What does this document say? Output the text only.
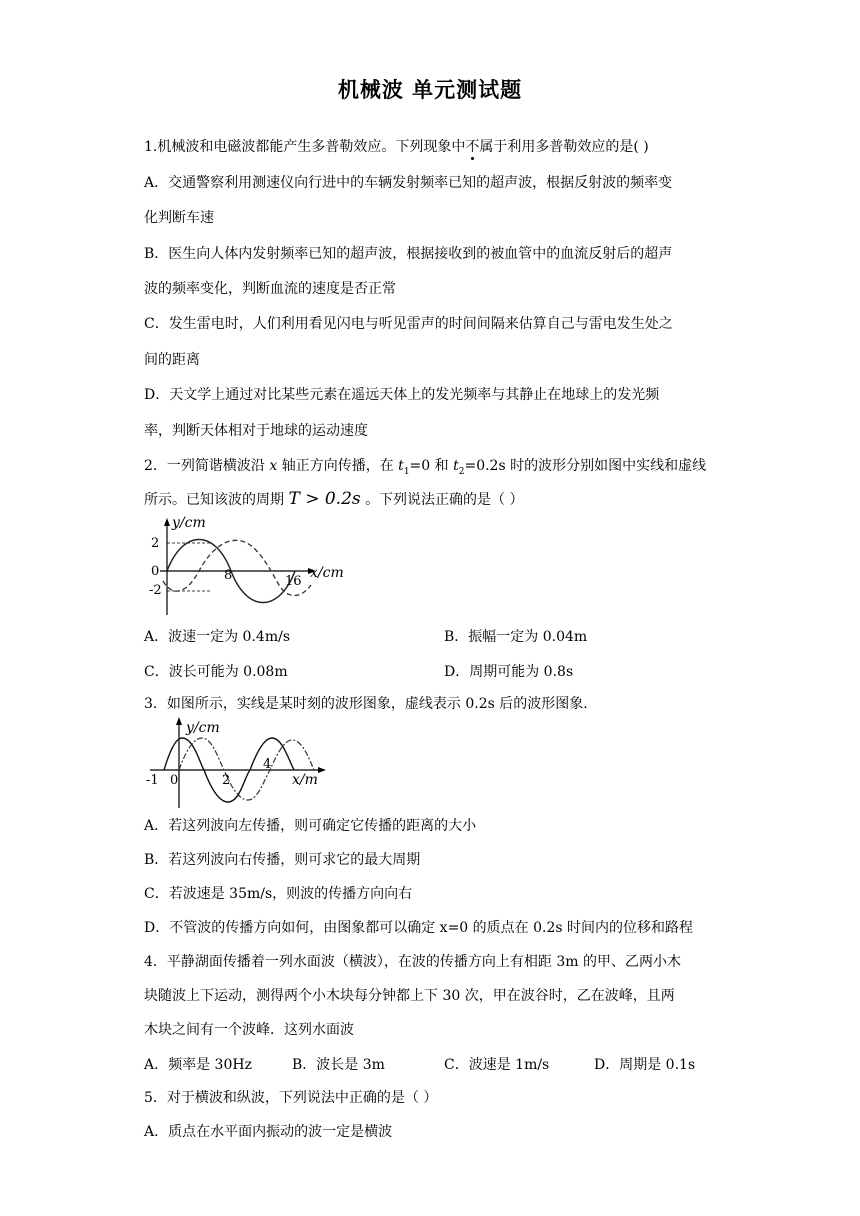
机械波 单元测试题
1.机械波和电磁波都能产生多普勒效应。下列现象中不属于利用多普勒效应的是( )
A．交通警察利用测速仪向行进中的车辆发射频率已知的超声波，根据反射波的频率变
化判断车速
B．医生向人体内发射频率已知的超声波，根据接收到的被血管中的血流反射后的超声
波的频率变化，判断血流的速度是否正常
C．发生雷电时，人们利用看见闪电与听见雷声的时间间隔来估算自己与雷电发生处之
间的距离
D．天文学上通过对比某些元素在遥远天体上的发光频率与其静止在地球上的发光频
率，判断天体相对于地球的运动速度
2．一列简谐横波沿 x 轴正方向传播，在 $t_1=0$ 和 $t_2=0.2s$ 时的波形分别如图中实线和虚线
所示。已知该波的周期 T > 0.2s 。下列说法正确的是（ ）
y/cm
2
0
-2
8	16
x/cm
A．波速一定为 0.4m/s	B．振幅一定为 0.04m
C．波长可能为 0.08m	D．周期可能为 0.8s
3．如图所示，实线是某时刻的波形图象，虚线表示 0.2s 后的波形图象.
y/cm
-1 0	2
4
x/m
A．若这列波向左传播，则可确定它传播的距离的大小
B．若这列波向右传播，则可求它的最大周期
C．若波速是 35m/s，则波的传播方向向右
D．不管波的传播方向如何，由图象都可以确定 x=0 的质点在 0.2s 时间内的位移和路程
4．平静湖面传播着一列水面波（横波），在波的传播方向上有相距 3m 的甲、乙两小木
块随波上下运动，测得两个小木块每分钟都上下 30 次，甲在波谷时，乙在波峰，且两
木块之间有一个波峰．这列水面波
A．频率是 30Hz	B．波长是 3m	C．波速是 1m/s	D．周期是 0.1s
5．对于横波和纵波，下列说法中正确的是（ ）
A．质点在水平面内振动的波一定是横波
